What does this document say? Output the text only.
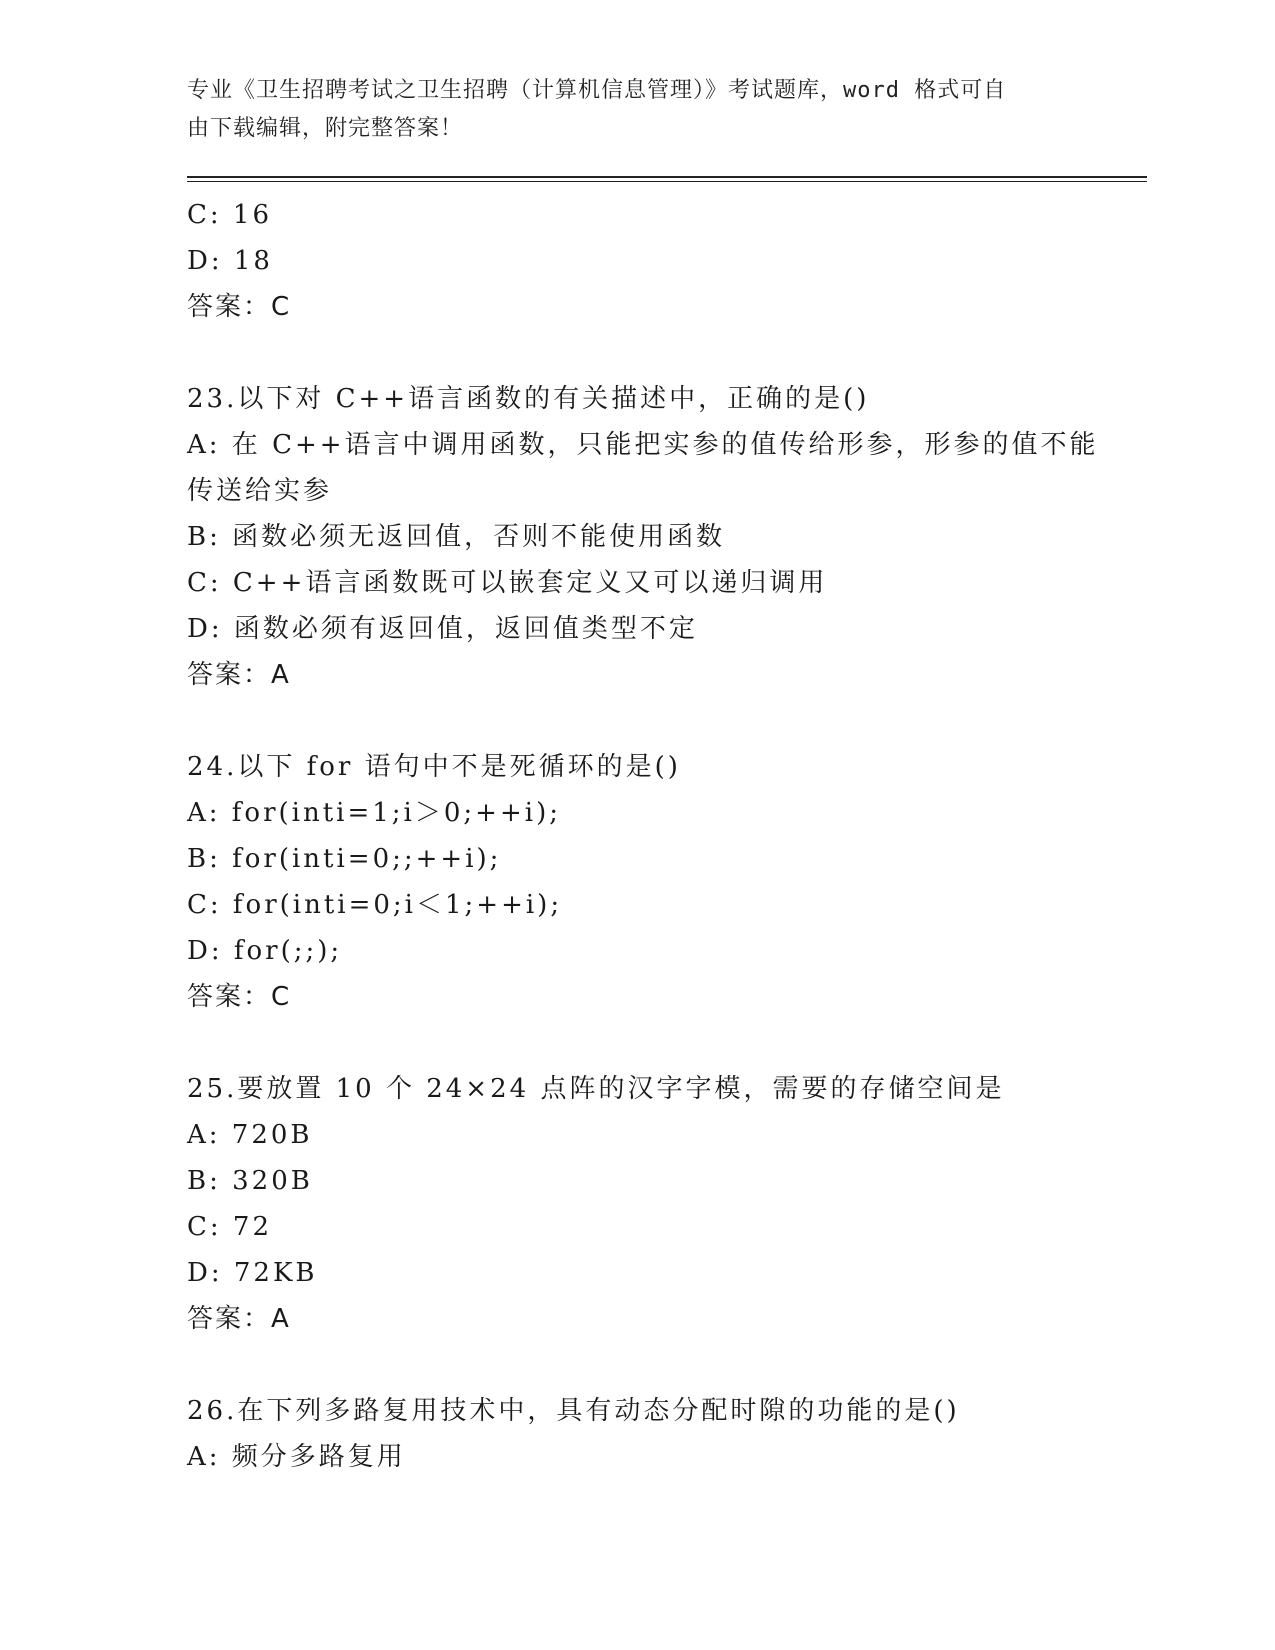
专业《卫生招聘考试之卫生招聘（计算机信息管理）》考试题库，word 格式可自
由下载编辑，附完整答案！
C: 16
D: 18
答案：C
23.以下对 C++语言函数的有关描述中，正确的是()
A: 在 C++语言中调用函数，只能把实参的值传给形参，形参的值不能
传送给实参
B: 函数必须无返回值，否则不能使用函数
C: C++语言函数既可以嵌套定义又可以递归调用
D: 函数必须有返回值，返回值类型不定
答案：A
24.以下 for 语句中不是死循环的是()
A: for(inti=1;i＞0;++i);
B: for(inti=0;;++i);
C: for(inti=0;i＜1;++i);
D: for(;;);
答案：C
25.要放置 10 个 24×24 点阵的汉字字模，需要的存储空间是
A: 720B
B: 320B
C: 72
D: 72KB
答案：A
26.在下列多路复用技术中，具有动态分配时隙的功能的是()
A: 频分多路复用
